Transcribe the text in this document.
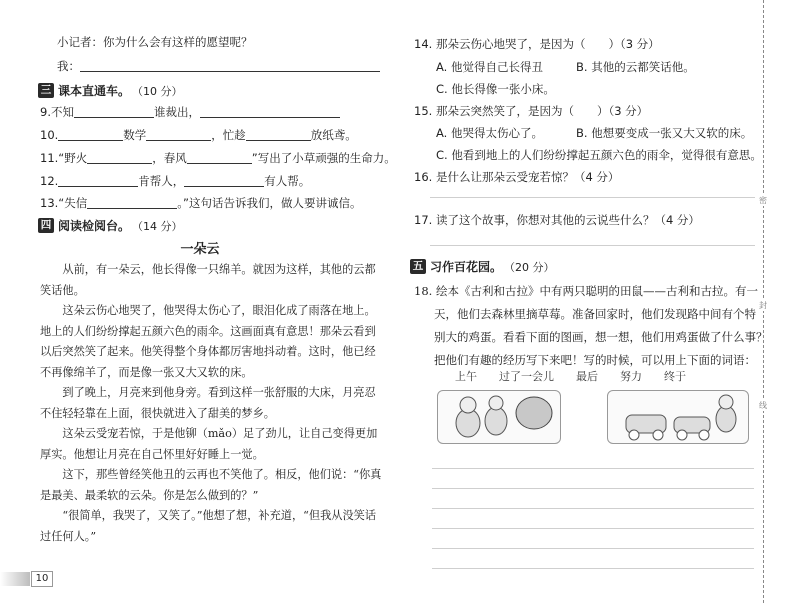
小记者：你为什么会有这样的愿望呢？
我：
三 课本直通车。 （10 分）
9.不知	谁裁出，
10.	数学	，忙趁	放纸鸢。
11.“野火	，春风	”写出了小草顽强的生命力。
12.	肯帮人，	有人帮。
13.“失信	。”这句话告诉我们，做人要讲诚信。
四 阅读检阅台。 （14 分）
一朵云

从前，有一朵云，他长得像一只绵羊。就因为这样，其他的云都笑话他。

这朵云伤心地哭了，他哭得太伤心了，眼泪化成了雨落在地上。地上的人们纷纷撑起五颜六色的雨伞。这画面真有意思！那朵云看到以后突然笑了起来。他笑得整个身体都厉害地抖动着。这时，他已经不再像绵羊了，而是像一张又大又软的床。

到了晚上，月亮来到他身旁。看到这样一张舒服的大床，月亮忍不住轻轻靠在上面，很快就进入了甜美的梦乡。

这朵云受宠若惊，于是他铆（mǎo）足了劲儿，让自己变得更加厚实。他想让月亮在自己怀里好好睡上一觉。

这下，那些曾经笑他丑的云再也不笑他了。相反，他们说：“你真是最美、最柔软的云朵。你是怎么做到的？”

“很简单，我哭了，又笑了。”他想了想，补充道，“但我从没笑话过任何人。”

10
14. 那朵云伤心地哭了，是因为（　　）（3 分）
A. 他觉得自己长得丑	B. 其他的云都笑话他。
C. 他长得像一张小床。
15. 那朵云突然笑了，是因为（　　）（3 分）
A. 他哭得太伤心了。	B. 他想要变成一张又大又软的床。
C. 他看到地上的人们纷纷撑起五颜六色的雨伞，觉得很有意思。
16. 是什么让那朵云受宠若惊？（4 分）
17. 读了这个故事，你想对其他的云说些什么？（4 分）
五 习作百花园。 （20 分）
18. 绘本《古利和古拉》中有两只聪明的田鼠——古利和古拉。有一
天，他们去森林里摘草莓。准备回家时，他们发现路中间有个特
别大的鸡蛋。看看下面的图画，想一想，他们用鸡蛋做了什么事？
把他们有趣的经历写下来吧！写的时候，可以用上下面的词语：
上午 过了一会儿 最后 努力 终于
密
封
线
